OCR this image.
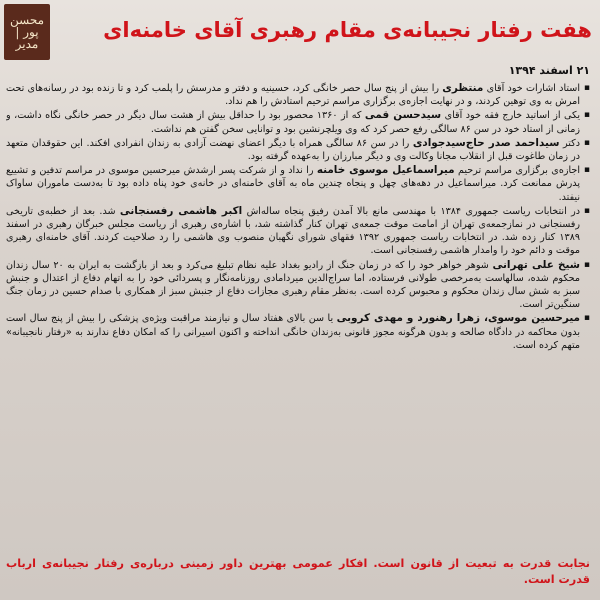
محسن پور | مدیر
هفت رفتار نجیبانه‌ی مقام رهبری آقای خامنه‌ای
۲۱ اسفند ۱۳۹۴

▪ استاد اشارات خود آقای منتظری را بیش از پنج سال حصر خانگی کرد، حسینیه و دفتر و مدرسش را پلمب کرد و تا زنده بود در رسانه‌های تحت امرش به وی توهین کردند، و در نهایت اجازه‌ی برگزاری مراسم ترحیم استادش را هم نداد.

▪ یکی از اساتید خارج فقه خود آقای سیدحسن قمی که از ۱۳۶۰ محصور بود را حداقل بیش از هشت سال دیگر در حصر خانگی نگاه داشت، و زمانی از استاد خود در سن ۸۶ سالگی رفع حصر کرد که وی ویلچرنشین بود و توانایی سخن گفتن هم نداشت.

▪ دکتر سیداحمد صدر حاج‌سیدجوادی را در سن ۸۶ سالگی همراه با دیگر اعضای نهضت آزادی به زندان انفرادی افکند. این حقوقدان متعهد در زمان طاغوت قبل از انقلاب مجانا وکالت وی و دیگر مبارزان را به‌عهده گرفته بود.

▪ اجازه‌ی برگزاری مراسم ترحیم میراسماعیل موسوی خامنه را نداد و از شرکت پسر ارشدش میرحسین موسوی در مراسم تدفین و تشییع پدرش ممانعت کرد. میراسماعیل در دهه‌های چهل و پنجاه چندین ماه به آقای خامنه‌ای در خانه‌ی خود پناه داده بود تا به‌دست ماموران ساواک نیفتد.

▪ در انتخابات ریاست جمهوری ۱۳۸۴ با مهندسی مانع بالا آمدن رفیق پنجاه ساله‌اش اکبر هاشمی رفسنجانی شد. بعد از خطبه‌ی تاریخی رفسنجانی در نمازجمعه‌ی تهران از امامت موقت جمعه‌ی تهران کنار گذاشته شد، با اشاره‌ی رهبری از ریاست مجلس خبرگان رهبری در اسفند ۱۳۸۹ کنار زده شد. در انتخابات ریاست جمهوری ۱۳۹۲ فقهای شورای نگهبان منصوب وی هاشمی را رد صلاحیت کردند. آقای خامنه‌ای رهبری موقت و دائم خود را وامدار هاشمی رفسنجانی است.

▪ شیخ علی تهرانی شوهر خواهر خود را که در زمان جنگ از رادیو بغداد علیه نظام تبلیغ می‌کرد و بعد از بازگشت به ایران به ۲۰ سال زندان محکوم شده، سالهاست به‌مرخصی طولانی فرستاده، اما سراج‌الدین میردامادی روزنامه‌نگار و پسردائی خود را به اتهام دفاع از اعتدال و جنبش سبز به شش سال زندان محکوم و محبوس کرده است. به‌نظر مقام رهبری مجازات دفاع از جنبش سبز از همکاری با صدام حسین در زمان جنگ سنگین‌تر است.

▪ میرحسین موسوی، زهرا رهنورد و مهدی کروبی یا سن بالای هفتاد سال و نیازمند مراقبت ویژه‌ی پزشکی را بیش از پنج سال است بدون محاکمه در دادگاه صالحه و بدون هرگونه مجوز قانونی به‌زندان خانگی انداخته و اکنون اسیرانی را که امکان دفاع ندارند به «رفتار نانجیبانه» متهم کرده است.

نجابت قدرت به تبعیت از قانون است. افکار عمومی بهترین داور زمینی درباره‌ی رفتار نجیبانه‌ی ارباب قدرت است.
